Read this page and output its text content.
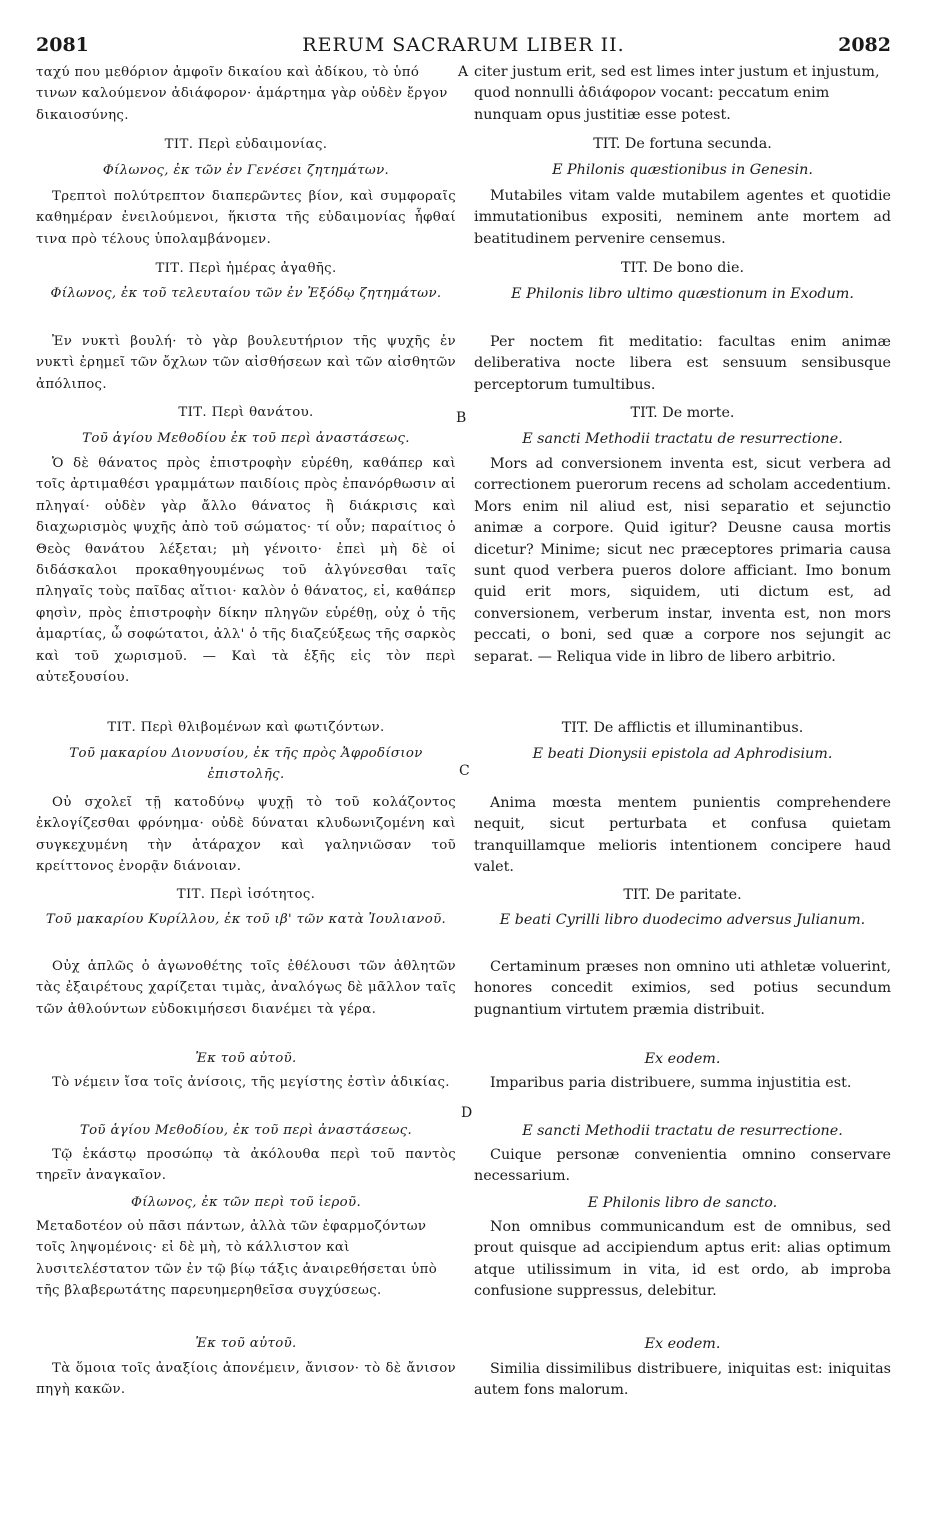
2081	RERUM SACRARUM LIBER II.	2082
A
B
C
D

ταχύ που μεθόριον ἀμφοῖν δικαίου καὶ ἀδίκου, τὸ ὑπό τινων καλούμενον ἀδιάφορον· ἁμάρτημα γὰρ οὐδὲν ἔργον δικαιοσύνης.

ΤΙΤ. Περὶ εὐδαιμονίας.

Φίλωνος, ἐκ τῶν ἐν Γενέσει ζητημάτων.

Τρεπτοὶ πολύτρεπτον διαπερῶντες βίον, καὶ συμφοραῖς καθημέραν ἐνειλούμενοι, ἥκιστα τῆς εὐδαιμονίας ἧφθαί τινα πρὸ τέλους ὑπολαμβάνομεν.

ΤΙΤ. Περὶ ἡμέρας ἀγαθῆς.

Φίλωνος, ἐκ τοῦ τελευταίου τῶν ἐν Ἐξόδῳ ζητημάτων.

Ἐν νυκτὶ βουλή· τὸ γὰρ βουλευτήριον τῆς ψυχῆς ἐν νυκτὶ ἐρημεῖ τῶν ὄχλων τῶν αἰσθήσεων καὶ τῶν αἰσθητῶν ἀπόλιπος.

ΤΙΤ. Περὶ θανάτου.

Τοῦ ἁγίου Μεθοδίου ἐκ τοῦ περὶ ἀναστάσεως.

Ὁ δὲ θάνατος πρὸς ἐπιστροφὴν εὑρέθη, καθάπερ καὶ τοῖς ἀρτιμαθέσι γραμμάτων παιδίοις πρὸς ἐπανόρθωσιν αἱ πληγαί· οὐδὲν γὰρ ἄλλο θάνατος ἢ διάκρισις καὶ διαχωρισμὸς ψυχῆς ἀπὸ τοῦ σώματος· τί οὖν; παραίτιος ὁ Θεὸς θανάτου λέξεται; μὴ γένοιτο· ἐπεὶ μὴ δὲ οἱ διδάσκαλοι προκαθηγουμένως τοῦ ἀλγύνεσθαι ταῖς πληγαῖς τοὺς παῖδας αἴτιοι· καλὸν ὁ θάνατος, εἰ, καθάπερ φησὶν, πρὸς ἐπιστροφὴν δίκην πληγῶν εὑρέθῃ, οὐχ ὁ τῆς ἁμαρτίας, ὦ σοφώτατοι, ἀλλ' ὁ τῆς διαζεύξεως τῆς σαρκὸς καὶ τοῦ χωρισμοῦ. — Καὶ τὰ ἑξῆς εἰς τὸν περὶ αὐτεξουσίου.

ΤΙΤ. Περὶ θλιβομένων καὶ φωτιζόντων.

Τοῦ μακαρίου Διονυσίου, ἐκ τῆς πρὸς Ἀφροδίσιον ἐπιστολῆς.

Οὐ σχολεῖ τῇ κατοδύνῳ ψυχῇ τὸ τοῦ κολάζοντος ἐκλογίζεσθαι φρόνημα· οὐδὲ δύναται κλυδωνιζομένη καὶ συγκεχυμένη τὴν ἀτάραχον καὶ γαληνιῶσαν τοῦ κρείττονος ἐνορᾷν διάνοιαν.

ΤΙΤ. Περὶ ἰσότητος.

Τοῦ μακαρίου Κυρίλλου, ἐκ τοῦ ιβ' τῶν κατὰ Ἰουλιανοῦ.

Οὐχ ἁπλῶς ὁ ἀγωνοθέτης τοῖς ἐθέλουσι τῶν ἀθλητῶν τὰς ἐξαιρέτους χαρίζεται τιμὰς, ἀναλόγως δὲ μᾶλλον ταῖς τῶν ἀθλούντων εὐδοκιμήσεσι διανέμει τὰ γέρα.

Ἐκ τοῦ αὐτοῦ.

Τὸ νέμειν ἴσα τοῖς ἀνίσοις, τῆς μεγίστης ἐστὶν ἀδικίας.

Τοῦ ἁγίου Μεθοδίου, ἐκ τοῦ περὶ ἀναστάσεως.

Τῷ ἑκάστῳ προσώπῳ τὰ ἀκόλουθα περὶ τοῦ παντὸς τηρεῖν ἀναγκαῖον.

Φίλωνος, ἐκ τῶν περὶ τοῦ ἱεροῦ.

Μεταδοτέον οὐ πᾶσι πάντων, ἀλλὰ τῶν ἐφαρμοζόντων τοῖς ληψομένοις· εἰ δὲ μὴ, τὸ κάλλιστον καὶ λυσιτελέστατον τῶν ἐν τῷ βίῳ τάξις ἀναιρεθήσεται ὑπὸ τῆς βλαβερωτάτης παρευημερηθεῖσα συγχύσεως.

Ἐκ τοῦ αὐτοῦ.

Τὰ ὅμοια τοῖς ἀναξίοις ἀπονέμειν, ἄνισον· τὸ δὲ ἄνισον πηγὴ κακῶν.

citer justum erit, sed est limes inter justum et injustum, quod nonnulli ἀδιάφορον vocant: peccatum enim nunquam opus justitiæ esse potest.

TIT. De fortuna secunda.

E Philonis quæstionibus in Genesin.

Mutabiles vitam valde mutabilem agentes et quotidie immutationibus expositi, neminem ante mortem ad beatitudinem pervenire censemus.

TIT. De bono die.

E Philonis libro ultimo quæstionum in Exodum.

Per noctem fit meditatio: facultas enim animæ deliberativa nocte libera est sensuum sensibusque perceptorum tumultibus.

TIT. De morte.

E sancti Methodii tractatu de resurrectione.

Mors ad conversionem inventa est, sicut verbera ad correctionem puerorum recens ad scholam accedentium. Mors enim nil aliud est, nisi separatio et sejunctio animæ a corpore. Quid igitur? Deusne causa mortis dicetur? Minime; sicut nec præceptores primaria causa sunt quod verbera pueros dolore afficiant. Imo bonum quid erit mors, siquidem, uti dictum est, ad conversionem, verberum instar, inventa est, non mors peccati, o boni, sed quæ a corpore nos sejungit ac separat. — Reliqua vide in libro de libero arbitrio.

TIT. De afflictis et illuminantibus.

E beati Dionysii epistola ad Aphrodisium.

Anima mœsta mentem punientis comprehendere nequit, sicut perturbata et confusa quietam tranquillamque melioris intentionem concipere haud valet.

TIT. De paritate.

E beati Cyrilli libro duodecimo adversus Julianum.

Certaminum præses non omnino uti athletæ voluerint, honores concedit eximios, sed potius secundum pugnantium virtutem præmia distribuit.

Ex eodem.

Imparibus paria distribuere, summa injustitia est.

E sancti Methodii tractatu de resurrectione.

Cuique personæ convenientia omnino conservare necessarium.

E Philonis libro de sancto.

Non omnibus communicandum est de omnibus, sed prout quisque ad accipiendum aptus erit: alias optimum atque utilissimum in vita, id est ordo, ab improba confusione suppressus, delebitur.

Ex eodem.

Similia dissimilibus distribuere, iniquitas est: iniquitas autem fons malorum.
